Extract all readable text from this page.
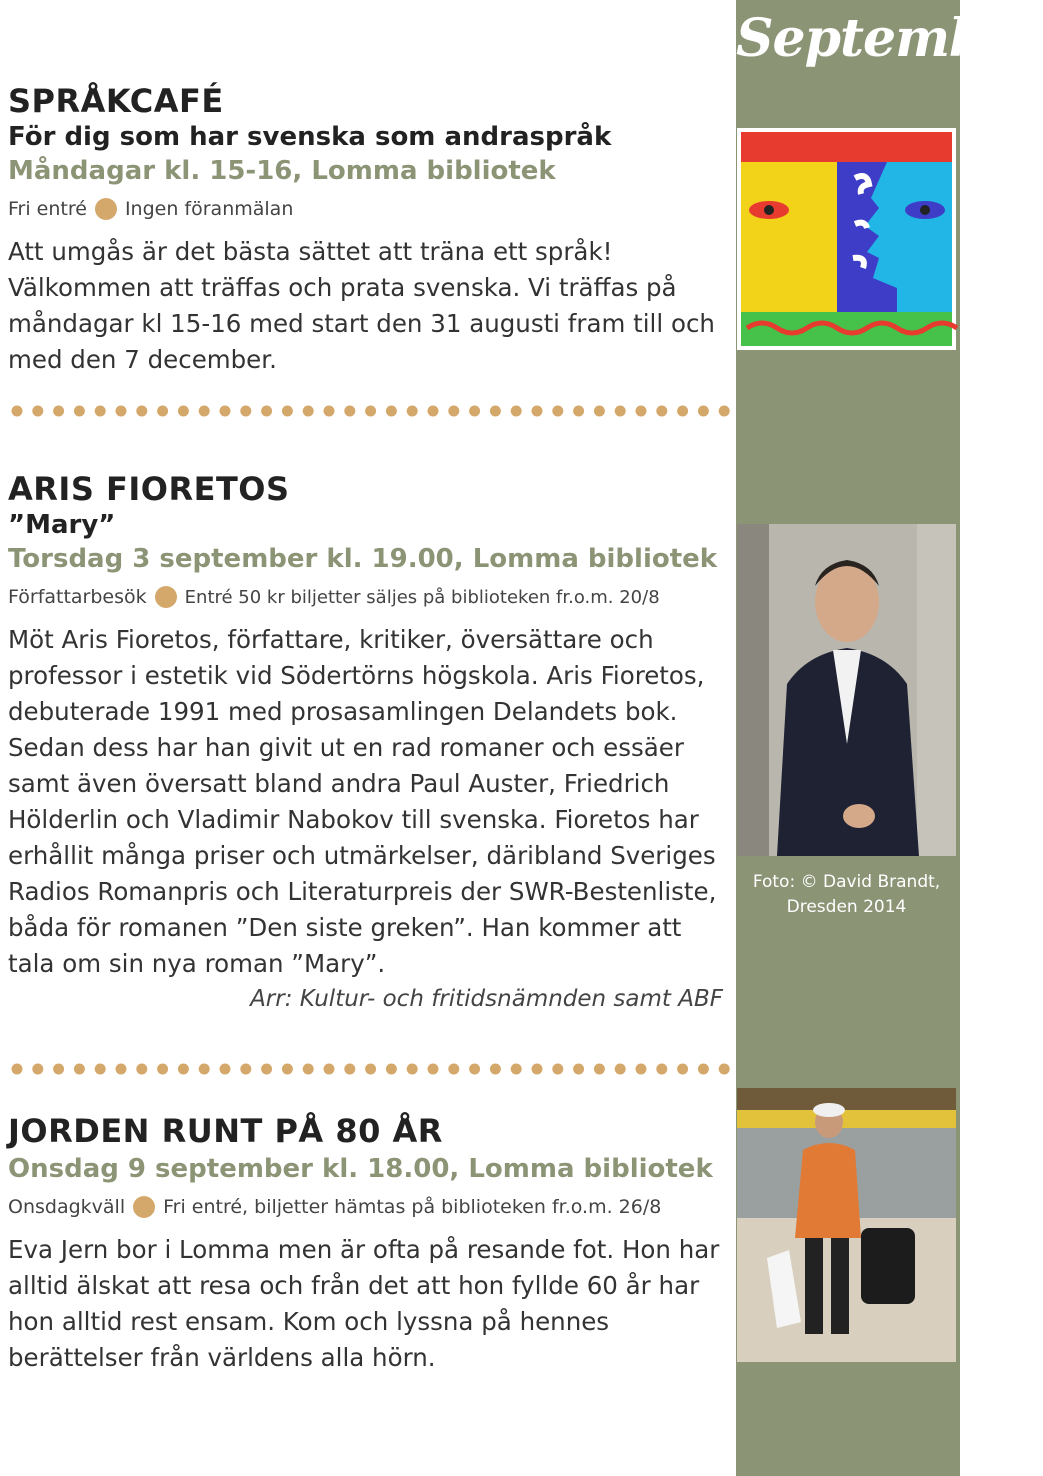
September
Foto: © David Brandt,
Dresden 2014
SPRÅKCAFÉ
För dig som har svenska som andraspråk
Måndagar kl. 15-16, Lomma bibliotek
Fri entré Ingen föranmälan
Att umgås är det bästa sättet att träna ett språk! Välkommen att träffas och prata svenska. Vi träffas på måndagar kl 15-16 med start den 31 augusti fram till och med den 7 december.
ARIS FIORETOS
”Mary”
Torsdag 3 september kl. 19.00, Lomma bibliotek
Författarbesök Entré 50 kr biljetter säljes på biblioteken fr.o.m. 20/8
Möt Aris Fioretos, författare, kritiker, översättare och professor i estetik vid Södertörns högskola. Aris Fioretos, debuterade 1991 med prosasamlingen Delandets bok. Sedan dess har han givit ut en rad romaner och essäer samt även översatt bland andra Paul Auster, Friedrich Hölderlin och Vladimir Nabokov till svenska. Fioretos har erhållit många priser och utmärkelser, däribland Sveriges Radios Romanpris och Literaturpreis der SWR-Bestenliste, båda för romanen ”Den siste greken”. Han kommer att tala om sin nya roman ”Mary”.
Arr: Kultur- och fritidsnämnden samt ABF
JORDEN RUNT PÅ 80 ÅR
Onsdag 9 september kl. 18.00, Lomma bibliotek
Onsdagkväll Fri entré, biljetter hämtas på biblioteken fr.o.m. 26/8
Eva Jern bor i Lomma men är ofta på resande fot. Hon har alltid älskat att resa och från det att hon fyllde 60 år har hon alltid rest ensam. Kom och lyssna på hennes berättelser från världens alla hörn.
